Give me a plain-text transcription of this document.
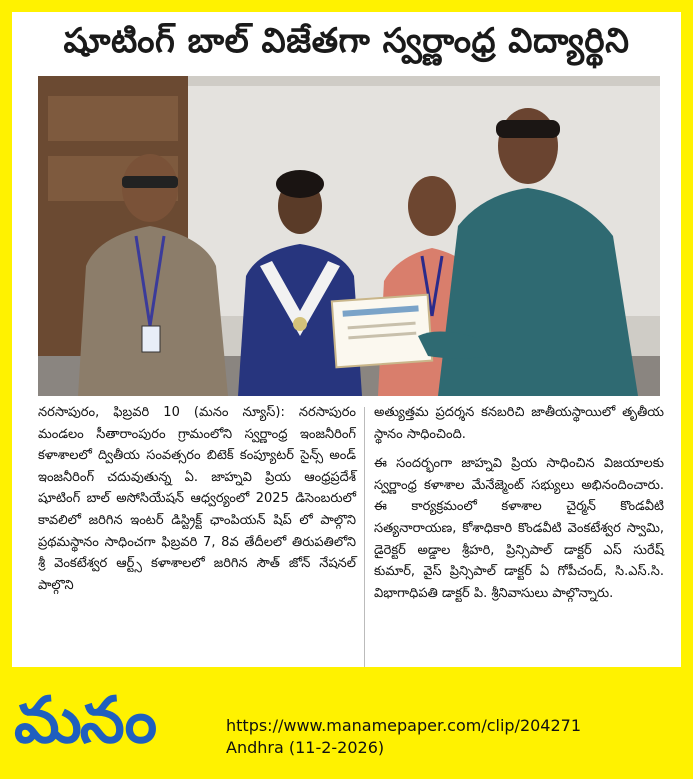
షూటింగ్ బాల్ విజేతగా స్వర్ణాంధ్ర విద్యార్థిని

నరసాపురం, ఫిబ్రవరి 10 (మనం న్యూస్): నరసాపురం మండలం సీతారాంపురం గ్రామంలోని స్వర్ణాంధ్ర ఇంజనీరింగ్ కళాశాలలో ద్వితీయ సంవత్సరం బిటెక్ కంప్యూటర్ సైన్స్ అండ్ ఇంజనీరింగ్ చదువుతున్న ఏ. జాహ్నవి ప్రియ ఆంధ్రప్రదేశ్ షూటింగ్ బాల్ అసోసియేషన్ ఆధ్వర్యంలో 2025 డిసెంబరులో కావలిలో జరిగిన ఇంటర్ డిస్ట్రిక్ట్ ఛాంపియన్ షిప్ లో పాల్గొని ప్రథమస్థానం సాధించగా ఫిబ్రవరి 7, 8వ తేదీలలో తిరుపతిలోని శ్రీ వెంకటేశ్వర ఆర్ట్స్ కళాశాలలో జరిగిన సౌత్ జోన్ నేషనల్ పాల్గొని

అత్యుత్తమ ప్రదర్శన కనబరిచి జాతీయస్థాయిలో తృతీయ స్థానం సాధించింది.

ఈ సందర్భంగా జాహ్నవి ప్రియ సాధించిన విజయాలకు స్వర్ణాంధ్ర కళాశాల మేనేజ్మెంట్ సభ్యులు అభినందించారు. ఈ కార్యక్రమంలో కళాశాల చైర్మన్ కొండవీటి సత్యనారాయణ, కోశాధికారి కొండవీటి వెంకటేశ్వర స్వామి, డైరెక్టర్ అడ్డాల శ్రీహరి, ప్రిన్సిపాల్ డాక్టర్ ఎస్ సురేష్ కుమార్, వైస్ ప్రిన్సిపాల్ డాక్టర్ ఏ గోపీచంద్, సి.ఎస్.సి. విభాగాధిపతి డాక్టర్ పి. శ్రీనివాసులు పాల్గొన్నారు.

మనం	https://www.manamepaper.com/clip/204271
Andhra (11-2-2026)
